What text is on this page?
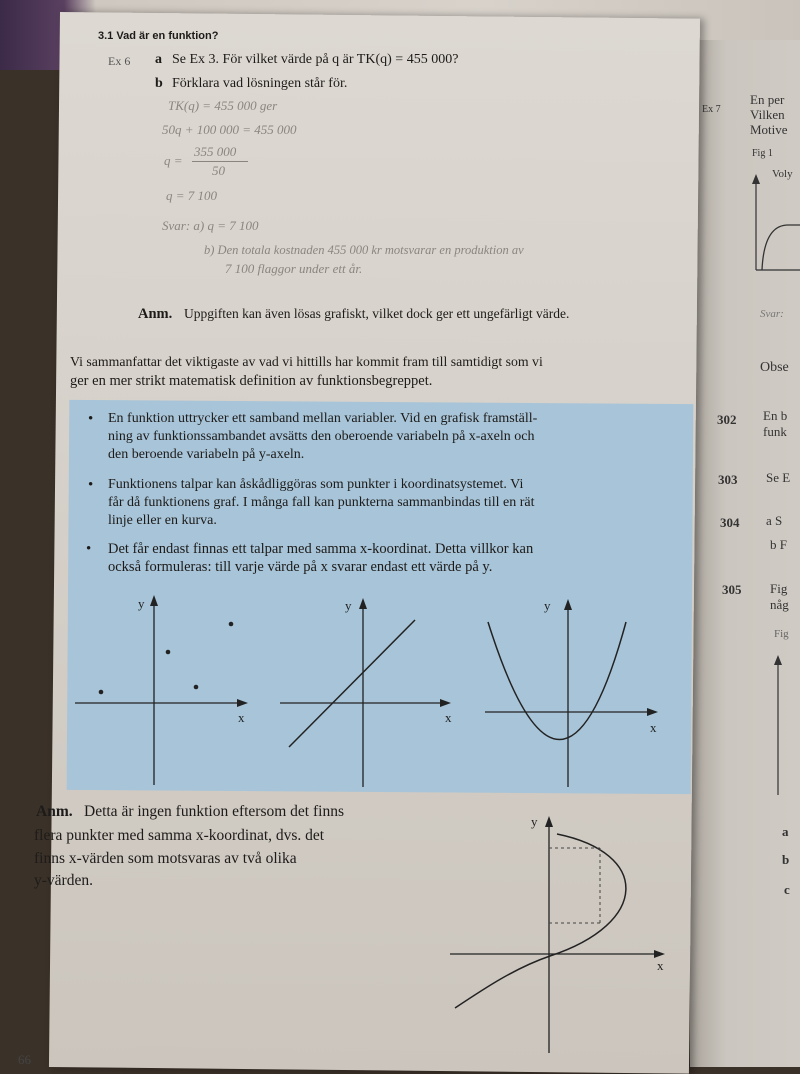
3.1 Vad är en funktion?
Ex 6 a Se Ex 3. För vilket värde på q är TK(q) = 455 000?
b Förklara vad lösningen står för.
TK(q) = 455 000 ger
50q + 100 000 = 455 000
q =
355 000
50
q = 7 100
Svar: a) q = 7 100
b) Den totala kostnaden 455 000 kr motsvarar en produktion av
7 100 flaggor under ett år.
Anm. Uppgiften kan även lösas grafiskt, vilket dock ger ett ungefärligt värde.
Vi sammanfattar det viktigaste av vad vi hittills har kommit fram till samtidigt som vi
ger en mer strikt matematisk definition av funktionsbegreppet.
• En funktion uttrycker ett samband mellan variabler. Vid en grafisk framställ-
ning av funktionssambandet avsätts den oberoende variabeln på x-axeln och
den beroende variabeln på y-axeln.
• Funktionens talpar kan åskådliggöras som punkter i koordinatsystemet. Vi
får då funktionens graf. I många fall kan punkterna sammanbindas till en rät
linje eller en kurva.
• Det får endast finnas ett talpar med samma x-koordinat. Detta villkor kan
också formuleras: till varje värde på x svarar endast ett värde på y.
y
x
y
x
y
x
Anm. Detta är ingen funktion eftersom det finns
flera punkter med samma x-koordinat, dvs. det
finns x-värden som motsvaras av två olika
y-värden.
y
x
66
Ex 7
En per
Vilken
Motive
Fig 1
Voly
Svar:
Obse
302 En b
funk
303 Se E
304 a S
b F
305 Fig
någ
Fig
a
b
c
